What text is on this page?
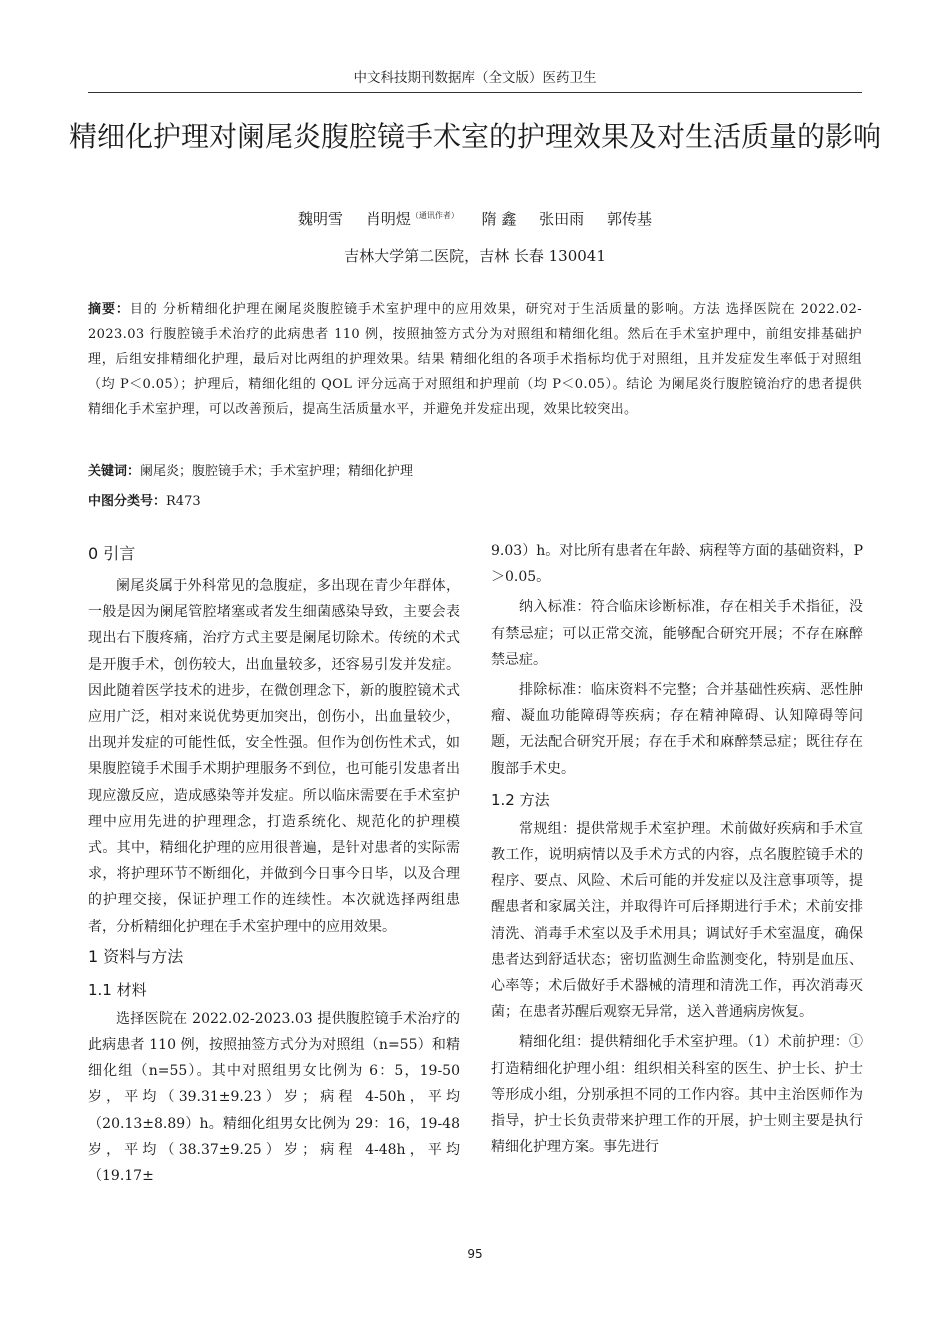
中文科技期刊数据库（全文版）医药卫生
精细化护理对阑尾炎腹腔镜手术室的护理效果及对生活质量的影响
魏明雪 肖明煜$^{(通讯作者)}$ 隋 鑫 张田雨 郭传基
吉林大学第二医院，吉林 长春 130041
摘要：目的 分析精细化护理在阑尾炎腹腔镜手术室护理中的应用效果，研究对于生活质量的影响。方法 选择医院在 2022.02-2023.03 行腹腔镜手术治疗的此病患者 110 例，按照抽签方式分为对照组和精细化组。然后在手术室护理中，前组安排基础护理，后组安排精细化护理，最后对比两组的护理效果。结果 精细化组的各项手术指标均优于对照组，且并发症发生率低于对照组（均 P＜0.05）；护理后，精细化组的 QOL 评分远高于对照组和护理前（均 P＜0.05）。结论 为阑尾炎行腹腔镜治疗的患者提供精细化手术室护理，可以改善预后，提高生活质量水平，并避免并发症出现，效果比较突出。
关键词：阑尾炎；腹腔镜手术；手术室护理；精细化护理
中图分类号：R473
0 引言

阑尾炎属于外科常见的急腹症，多出现在青少年群体，一般是因为阑尾管腔堵塞或者发生细菌感染导致，主要会表现出右下腹疼痛，治疗方式主要是阑尾切除术。传统的术式是开腹手术，创伤较大，出血量较多，还容易引发并发症。因此随着医学技术的进步，在微创理念下，新的腹腔镜术式应用广泛，相对来说优势更加突出，创伤小，出血量较少，出现并发症的可能性低，安全性强。但作为创伤性术式，如果腹腔镜手术围手术期护理服务不到位，也可能引发患者出现应激反应，造成感染等并发症。所以临床需要在手术室护理中应用先进的护理理念，打造系统化、规范化的护理模式。其中，精细化护理的应用很普遍，是针对患者的实际需求，将护理环节不断细化，并做到今日事今日毕，以及合理的护理交接，保证护理工作的连续性。本次就选择两组患者，分析精细化护理在手术室护理中的应用效果。

1 资料与方法
1.1 材料

选择医院在 2022.02-2023.03 提供腹腔镜手术治疗的此病患者 110 例，按照抽签方式分为对照组（n=55）和精细化组（n=55）。其中对照组男女比例为 6：5，19-50 岁，平均（39.31±9.23）岁；病程 4-50h，平均（20.13±8.89）h。精细化组男女比例为 29：16，19-48 岁，平均（38.37±9.25）岁；病程 4-48h，平均（19.17±

9.03）h。对比所有患者在年龄、病程等方面的基础资料，P＞0.05。

纳入标准：符合临床诊断标准，存在相关手术指征，没有禁忌症；可以正常交流，能够配合研究开展；不存在麻醉禁忌症。

排除标准：临床资料不完整；合并基础性疾病、恶性肿瘤、凝血功能障碍等疾病；存在精神障碍、认知障碍等问题，无法配合研究开展；存在手术和麻醉禁忌症；既往存在腹部手术史。

1.2 方法

常规组：提供常规手术室护理。术前做好疾病和手术宣教工作，说明病情以及手术方式的内容，点名腹腔镜手术的程序、要点、风险、术后可能的并发症以及注意事项等，提醒患者和家属关注，并取得许可后择期进行手术；术前安排清洗、消毒手术室以及手术用具；调试好手术室温度，确保患者达到舒适状态；密切监测生命监测变化，特别是血压、心率等；术后做好手术器械的清理和清洗工作，再次消毒灭菌；在患者苏醒后观察无异常，送入普通病房恢复。

精细化组：提供精细化手术室护理。（1）术前护理：①打造精细化护理小组：组织相关科室的医生、护士长、护士等形成小组，分别承担不同的工作内容。其中主治医师作为指导，护士长负责带来护理工作的开展，护士则主要是执行精细化护理方案。事先进行

95
